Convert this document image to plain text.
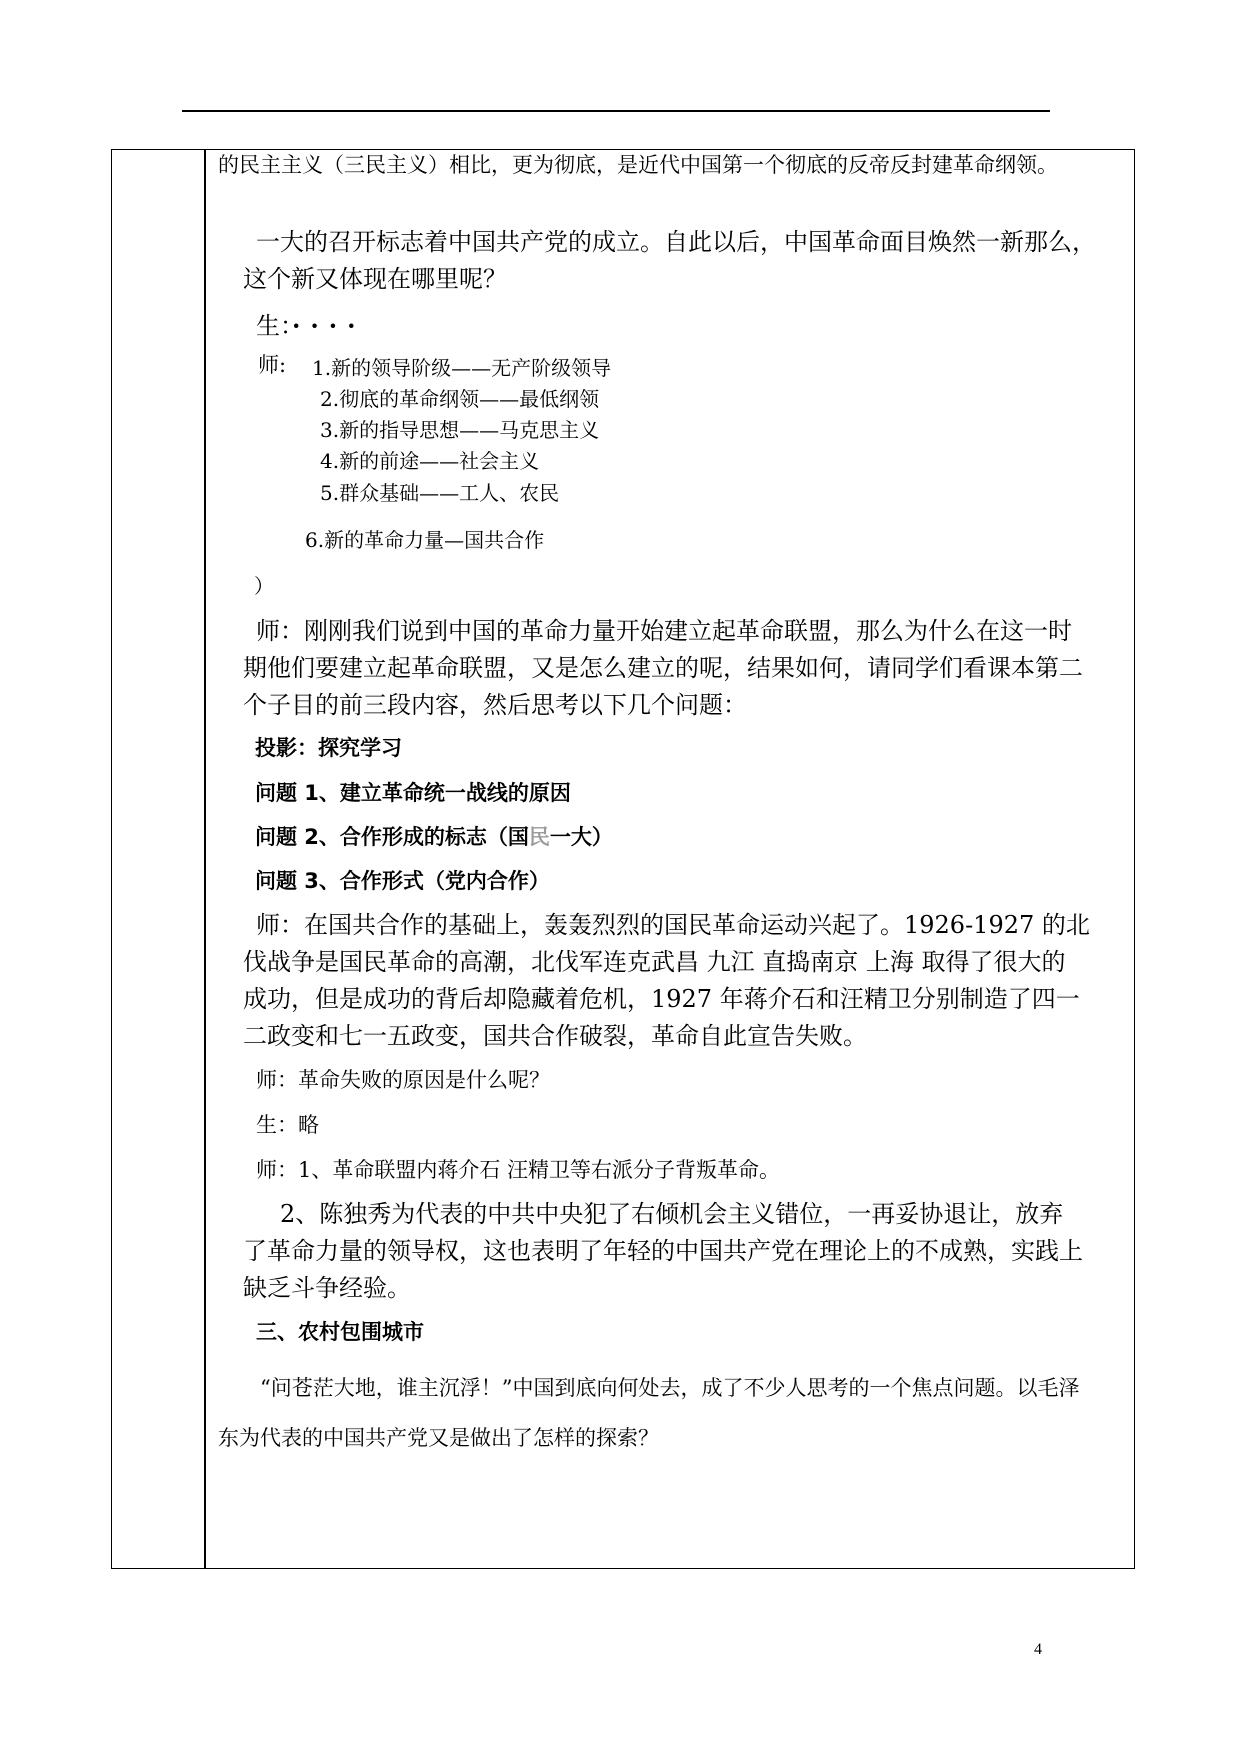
的民主主义（三民主义）相比，更为彻底，是近代中国第一个彻底的反帝反封建革命纲领。
一大的召开标志着中国共产党的成立。自此以后，中国革命面目焕然一新那么，
这个新又体现在哪里呢？
生：····
师: 1.新的领导阶级——无产阶级领导
2.彻底的革命纲领——最低纲领
3.新的指导思想——马克思主义
4.新的前途——社会主义
5.群众基础——工人、农民
6.新的革命力量—国共合作
）
师：刚刚我们说到中国的革命力量开始建立起革命联盟，那么为什么在这一时
期他们要建立起革命联盟，又是怎么建立的呢，结果如何，请同学们看课本第二
个子目的前三段内容，然后思考以下几个问题：
投影：探究学习
问题 1、建立革命统一战线的原因
问题 2、合作形成的标志（国民一大）
问题 3、合作形式（党内合作）
师：在国共合作的基础上，轰轰烈烈的国民革命运动兴起了。1926-1927 的北
伐战争是国民革命的高潮，北伐军连克武昌 九江 直捣南京 上海 取得了很大的
成功，但是成功的背后却隐藏着危机，1927 年蒋介石和汪精卫分别制造了四一
二政变和七一五政变，国共合作破裂，革命自此宣告失败。
师：革命失败的原因是什么呢？
生：略
师：1、革命联盟内蒋介石 汪精卫等右派分子背叛革命。
2、陈独秀为代表的中共中央犯了右倾机会主义错位，一再妥协退让，放弃
了革命力量的领导权，这也表明了年轻的中国共产党在理论上的不成熟，实践上
缺乏斗争经验。
三、农村包围城市
“问苍茫大地，谁主沉浮！”中国到底向何处去，成了不少人思考的一个焦点问题。以毛泽
东为代表的中国共产党又是做出了怎样的探索？
4
